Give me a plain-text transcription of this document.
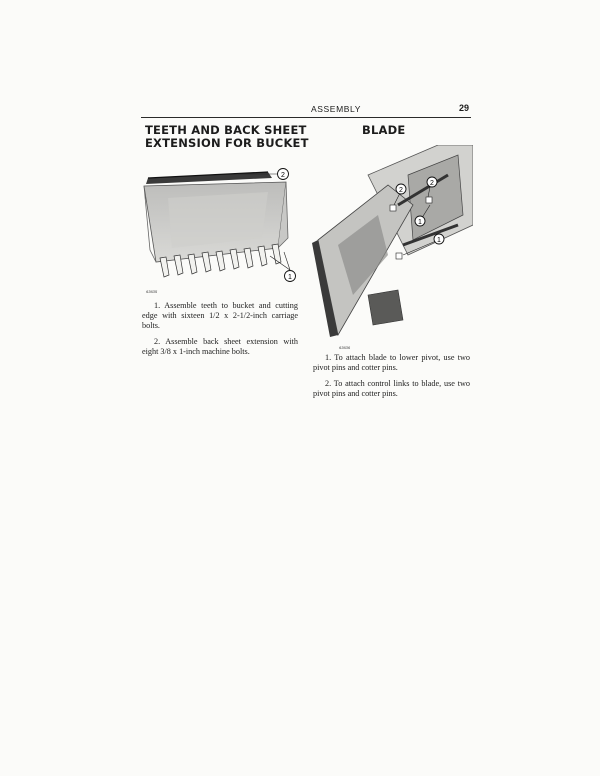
ASSEMBLY	29
TEETH AND BACK SHEET
EXTENSION FOR BUCKET
BLADE
2
1
63635
2
2
1
1
63636

1. Assemble teeth to bucket and cutting edge with sixteen 1/2 x 2-1/2-inch carriage bolts.

2. Assemble back sheet extension with eight 3/8 x 1-inch machine bolts.

1. To attach blade to lower pivot, use two pivot pins and cotter pins.

2. To attach control links to blade, use two pivot pins and cotter pins.
